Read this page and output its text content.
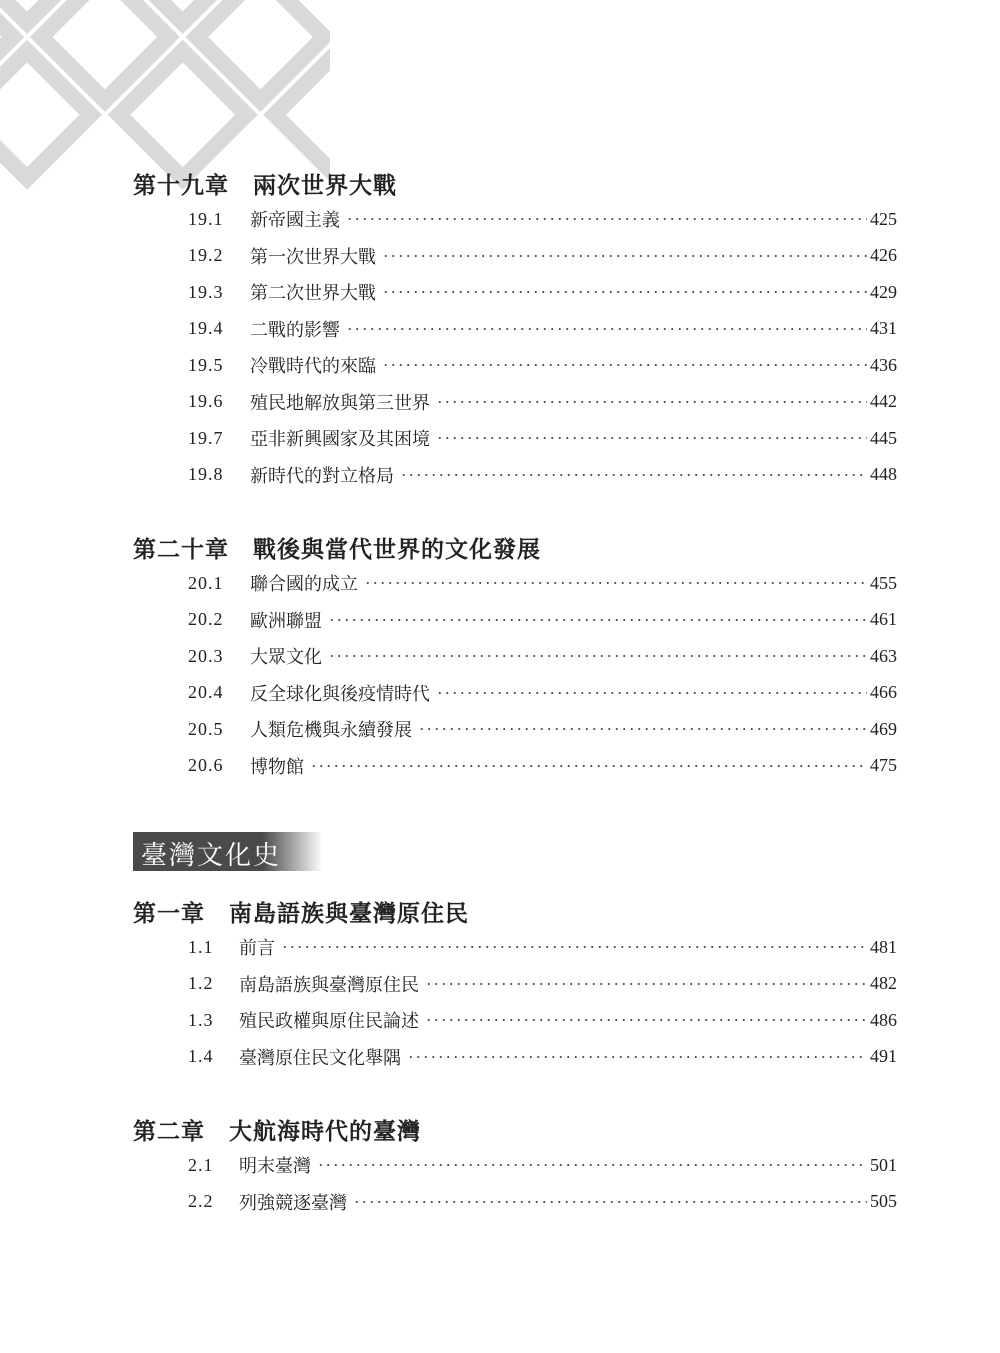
第十九章 兩次世界大戰
19.1	新帝國主義	425
19.2	第一次世界大戰	426
19.3	第二次世界大戰	429
19.4	二戰的影響	431
19.5	冷戰時代的來臨	436
19.6	殖民地解放與第三世界	442
19.7	亞非新興國家及其困境	445
19.8	新時代的對立格局	448
第二十章 戰後與當代世界的文化發展
20.1	聯合國的成立	455
20.2	歐洲聯盟	461
20.3	大眾文化	463
20.4	反全球化與後疫情時代	466
20.5	人類危機與永續發展	469
20.6	博物館	475
臺灣文化史
第一章 南島語族與臺灣原住民
1.1	前言	481
1.2	南島語族與臺灣原住民	482
1.3	殖民政權與原住民論述	486
1.4	臺灣原住民文化舉隅	491
第二章 大航海時代的臺灣
2.1	明末臺灣	501
2.2	列強競逐臺灣	505
